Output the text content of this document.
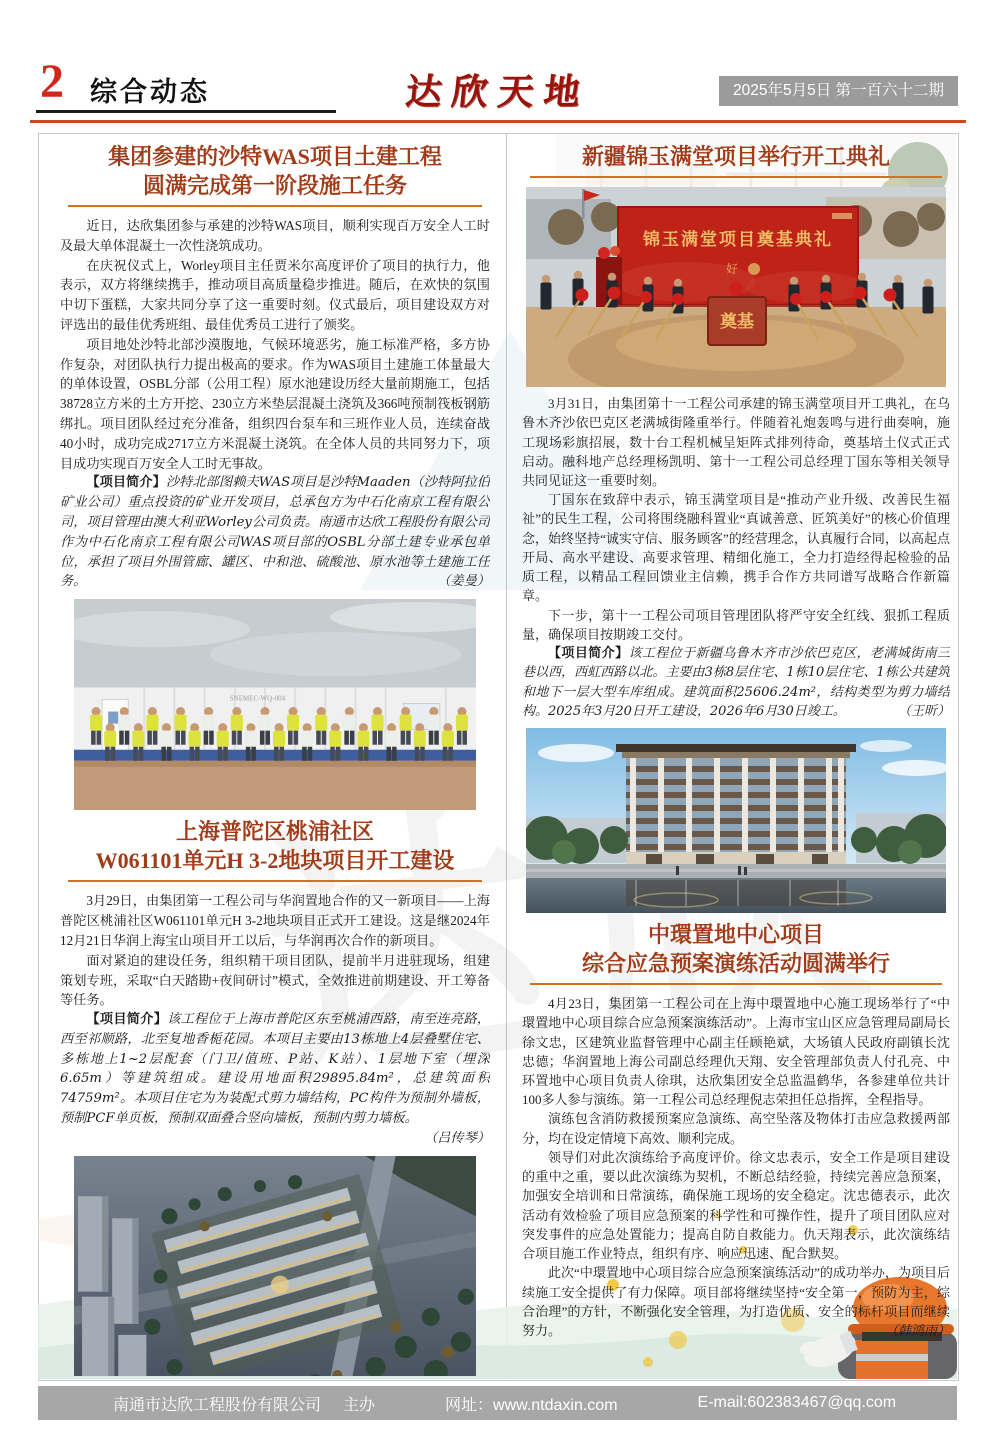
2 综合动态	达欣天地	2025年5月5日 第一百六十二期
集团参建的沙特WAS项目土建工程
圆满完成第一阶段施工任务

近日，达欣集团参与承建的沙特WAS项目，顺利实现百万安全人工时及最大单体混凝土一次性浇筑成功。

在庆祝仪式上，Worley项目主任贾米尔高度评价了项目的执行力，他表示，双方将继续携手，推动项目高质量稳步推进。随后，在欢快的氛围中切下蛋糕，大家共同分享了这一重要时刻。仪式最后，项目建设双方对评选出的最佳优秀班组、最佳优秀员工进行了颁奖。

项目地处沙特北部沙漠腹地，气候环境恶劣，施工标准严格，多方协作复杂，对团队执行力提出极高的要求。作为WAS项目土建施工体量最大的单体设置，OSBL分部（公用工程）原水池建设历经大量前期施工，包括38728立方米的土方开挖、230立方米垫层混凝土浇筑及366吨预制筏板钢筋绑扎。项目团队经过充分准备，组织四台泵车和三班作业人员，连续奋战40小时，成功完成2717立方米混凝土浇筑。在全体人员的共同努力下，项目成功实现百万安全人工时无事故。

【项目简介】沙特北部图赖夫WAS项目是沙特Maaden（沙特阿拉伯矿业公司）重点投资的矿业开发项目，总承包方为中石化南京工程有限公司，项目管理由澳大利亚Worley公司负责。南通市达欣工程股份有限公司作为中石化南京工程有限公司WAS项目部的OSBL分部土建专业承包单位，承担了项目外围管廊、罐区、中和池、硫酸池、原水池等土建施工任务。	（姜曼）

SNEMEC-WQ-004
上海普陀区桃浦社区
W061101单元H 3-2地块项目开工建设

3月29日，由集团第一工程公司与华润置地合作的又一新项目——上海普陀区桃浦社区W061101单元H 3-2地块项目正式开工建设。这是继2024年12月21日华润上海宝山项目开工以后，与华润再次合作的新项目。

面对紧迫的建设任务，组织精干项目团队，提前半月进驻现场，组建策划专班，采取“白天踏勘+夜间研讨”模式，全效推进前期建设、开工筹备等任务。

【项目简介】该工程位于上海市普陀区东至桃浦西路，南至连亮路，西至祁顺路，北至复地香栀花园。本项目主要由13栋地上4层叠墅住宅、多栋地上1~2层配套（门卫/值班、P站、K站）、1层地下室（埋深 6.65m）等建筑组成。建设用地面积29895.84m²，总建筑面积74759m²。本项目住宅为为装配式剪力墙结构，PC构件为预制外墙板，预制PCF单页板，预制双面叠合竖向墙板，预制内剪力墙板。
（吕传琴）

新疆锦玉满堂项目举行开工典礼
锦玉满堂项目奠基典礼
好
奠基

3月31日，由集团第十一工程公司承建的锦玉满堂项目开工典礼，在乌鲁木齐沙依巴克区老满城街隆重举行。伴随着礼炮轰鸣与进行曲奏响，施工现场彩旗招展，数十台工程机械呈矩阵式排列待命，奠基培土仪式正式启动。融科地产总经理杨凯明、第十一工程公司总经理丁国东等相关领导共同见证这一重要时刻。

丁国东在致辞中表示，锦玉满堂项目是“推动产业升级、改善民生福祉”的民生工程，公司将围绕融科置业“真诚善意、匠筑美好”的核心价值理念，始终坚持“诚实守信、服务顾客”的经营理念，认真履行合同，以高起点开局、高水平建设、高要求管理、精细化施工，全力打造经得起检验的品质工程，以精品工程回馈业主信赖，携手合作方共同谱写战略合作新篇章。

下一步，第十一工程公司项目管理团队将严守安全红线、狠抓工程质量，确保项目按期竣工交付。

【项目简介】该工程位于新疆乌鲁木齐市沙依巴克区，老满城街南三巷以西，西虹西路以北。主要由3栋8层住宅、1栋10层住宅、1栋公共建筑和地下一层大型车库组成。建筑面积25606.24m²，结构类型为剪力墙结构。2025年3月20日开工建设，2026年6月30日竣工。	（王昕）

中環置地中心项目
综合应急预案演练活动圆满举行

4月23日，集团第一工程公司在上海中環置地中心施工现场举行了“中環置地中心项目综合应急预案演练活动”。上海市宝山区应急管理局副局长徐文忠，区建筑业监督管理中心副主任顾艳斌，大场镇人民政府副镇长沈忠德；华润置地上海公司副总经理仇天翔、安全管理部负责人付孔亮、中环置地中心项目负责人徐琪，达欣集团安全总监温鹤华，各参建单位共计100多人参与演练。第一工程公司总经理倪志荣担任总指挥，全程指导。

演练包含消防救援预案应急演练、高空坠落及物体打击应急救援两部分，均在设定情境下高效、顺利完成。

领导们对此次演练给予高度评价。徐文忠表示，安全工作是项目建设的重中之重，要以此次演练为契机，不断总结经验，持续完善应急预案，加强安全培训和日常演练，确保施工现场的安全稳定。沈忠德表示，此次活动有效检验了项目应急预案的科学性和可操作性，提升了项目团队应对突发事件的应急处置能力；提高自防自救能力。仇天翔表示，此次演练结合项目施工作业特点，组织有序、响应迅速、配合默契。

此次“中環置地中心项目综合应急预案演练活动”的成功举办，为项目后续施工安全提供了有力保障。项目部将继续坚持“安全第一，预防为主，综合治理”的方针，不断强化安全管理，为打造优质、安全的标杆项目而继续努力。	（韩鸿雨）

南通市达欣工程股份有限公司 主办	网址：www.ntdaxin.com	E-mail:602383467@qq.com
